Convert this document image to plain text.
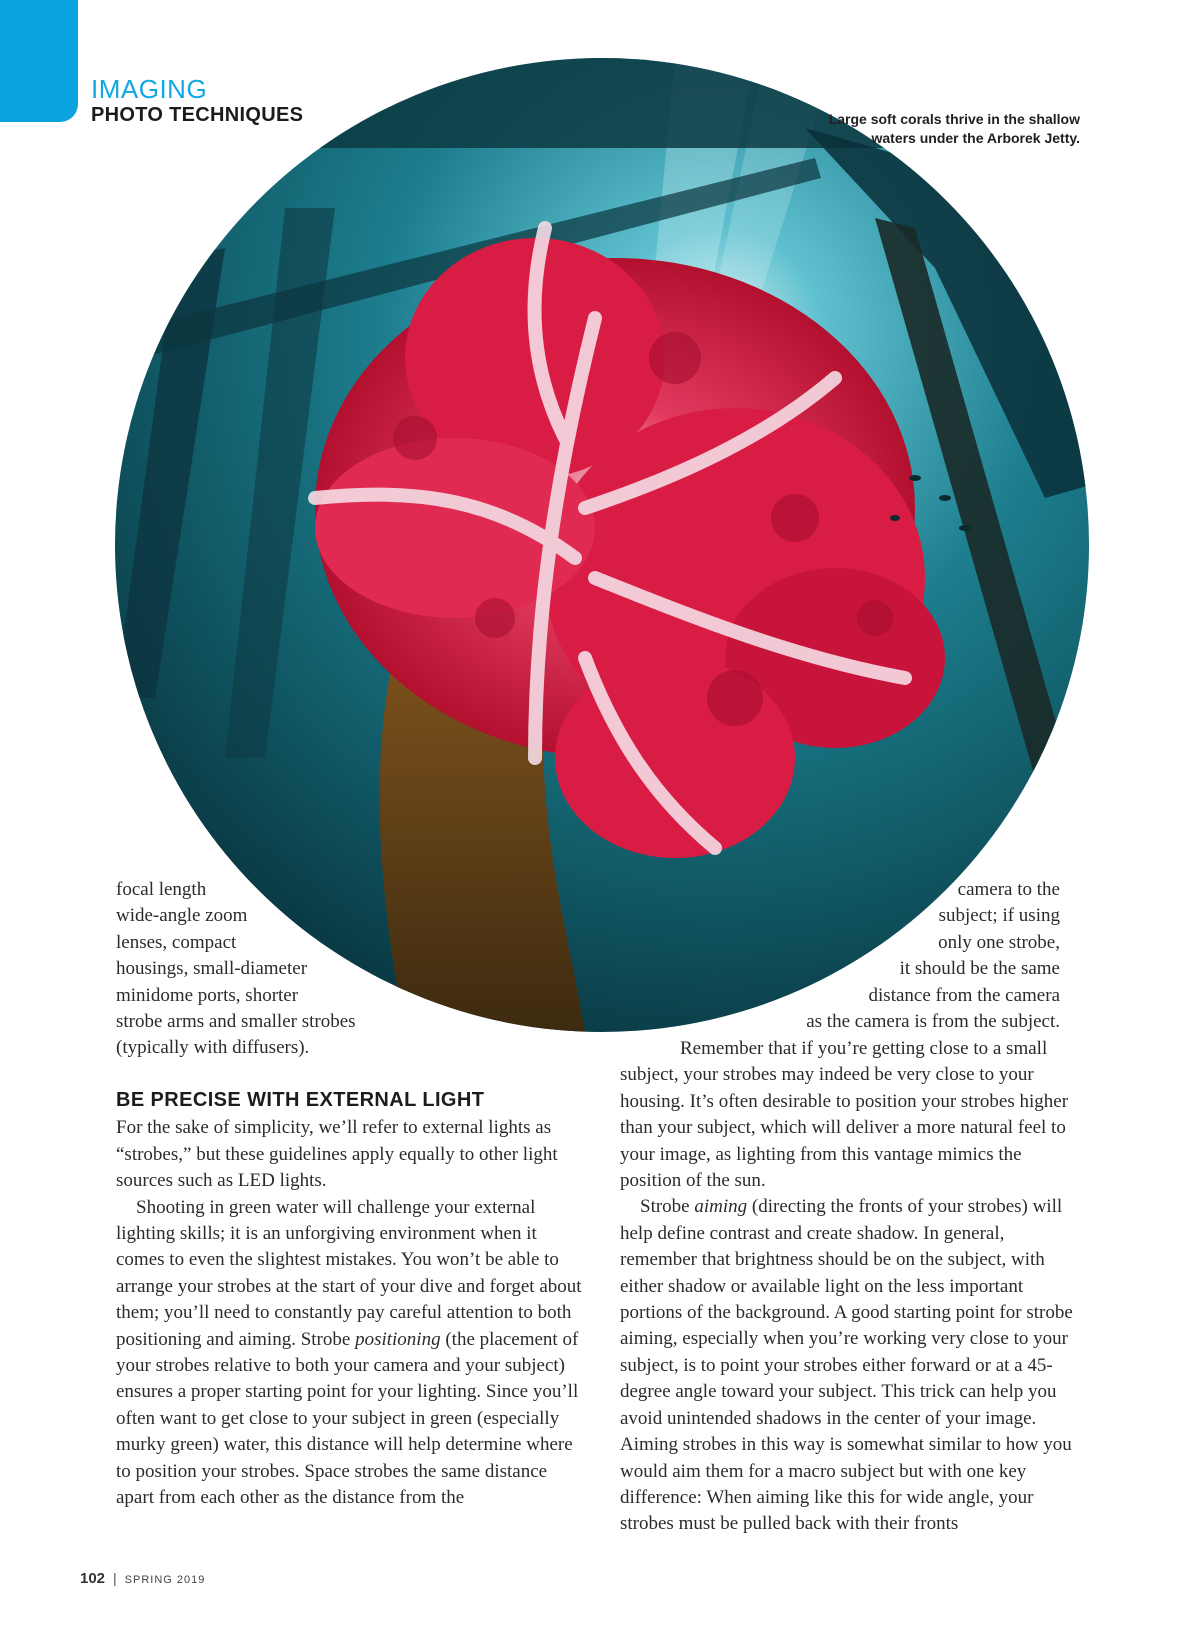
IMAGING
PHOTO TECHNIQUES	Large soft corals thrive in the shallow waters under the Arborek Jetty.
focal length
wide-angle zoom
lenses, compact
housings, small-diameter
minidome ports, shorter
strobe arms and smaller strobes
(typically with diffusers).
camera to the
subject; if using
only one strobe,
it should be the same
distance from the camera
as the camera is from the subject.
BE PRECISE WITH EXTERNAL LIGHT

For the sake of simplicity, we’ll refer to external lights as “strobes,” but these guidelines apply equally to other light sources such as LED lights.

Shooting in green water will challenge your external lighting skills; it is an unforgiving environment when it comes to even the slightest mistakes. You won’t be able to arrange your strobes at the start of your dive and forget about them; you’ll need to constantly pay careful attention to both positioning and aiming. Strobe positioning (the placement of your strobes relative to both your camera and your subject) ensures a proper starting point for your lighting. Since you’ll often want to get close to your subject in green (especially murky green) water, this distance will help determine where to position your strobes. Space strobes the same distance apart from each other as the distance from the

Remember that if you’re getting close to a small subject, your strobes may indeed be very close to your housing. It’s often desirable to position your strobes higher than your subject, which will deliver a more natural feel to your image, as lighting from this vantage mimics the position of the sun.

Strobe aiming (directing the fronts of your strobes) will help define contrast and create shadow. In general, remember that brightness should be on the subject, with either shadow or available light on the less important portions of the background. A good starting point for strobe aiming, especially when you’re working very close to your subject, is to point your strobes either forward or at a 45-degree angle toward your subject. This trick can help you avoid unintended shadows in the center of your image. Aiming strobes in this way is somewhat similar to how you would aim them for a macro subject but with one key difference: When aiming like this for wide angle, your strobes must be pulled back with their fronts

102 | SPRING 2019
